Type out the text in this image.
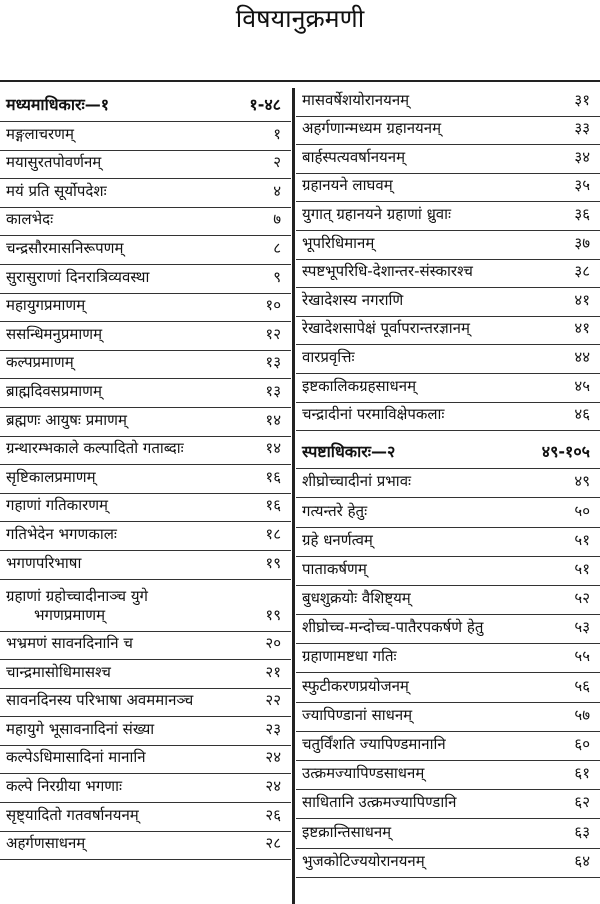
विषयानुक्रमणी
मध्यमाधिकारः—१	१-४८
मङ्गलाचरणम्	१
मयासुरतपोवर्णनम्	२
मयं प्रति सूर्योपदेशः	४
कालभेदः	७
चन्द्रसौरमासनिरूपणम्	८
सुरासुराणां दिनरात्रिव्यवस्था	९
महायुगप्रमाणम्	१०
ससन्धिमनुप्रमाणम्	१२
कल्पप्रमाणम्	१३
ब्राह्मदिवसप्रमाणम्	१३
ब्रह्मणः आयुषः प्रमाणम्	१४
ग्रन्थारम्भकाले कल्पादितो गताब्दाः	१४
सृष्टिकालप्रमाणम्	१६
गहाणां गतिकारणम्	१६
गतिभेदेन भगणकालः	१८
भगणपरिभाषा	१९
ग्रहाणां ग्रहोच्चादीनाञ्च युगे
भगणप्रमाणम्	१९
भभ्रमणं सावनदिनानि च	२०
चान्द्रमासोधिमासश्च	२१
सावनदिनस्य परिभाषा अवममानञ्च	२२
महायुगे भूसावनादिनां संख्या	२३
कल्पेऽधिमासादिनां मानानि	२४
कल्पे निरग्रीया भगणाः	२४
सृष्ट्यादितो गतवर्षानयनम्	२६
अहर्गणसाधनम्	२८
मासवर्षेशयोरानयनम्	३१
अहर्गणान्मध्यम ग्रहानयनम्	३३
बार्हस्पत्यवर्षानयनम्	३४
ग्रहानयने लाघवम्	३५
युगात् ग्रहानयने ग्रहाणां ध्रुवाः	३६
भूपरिधिमानम्	३७
स्पष्टभूपरिधि-देशान्तर-संस्कारश्च	३८
रेखादेशस्य नगराणि	४१
रेखादेशसापेक्षं पूर्वापरान्तरज्ञानम्	४१
वारप्रवृत्तिः	४४
इष्टकालिकग्रहसाधनम्	४५
चन्द्रादीनां परमाविक्षेपकलाः	४६
स्पष्टाधिकारः—२	४९-१०५
शीघ्रोच्चादीनां प्रभावः	४९
गत्यन्तरे हेतुः	५०
ग्रहे धनर्णत्वम्	५१
पाताकर्षणम्	५१
बुधशुक्रयोः वैशिष्ट्यम्	५२
शीघ्रोच्च-मन्दोच्च-पातैरपकर्षणे हेतु	५३
ग्रहाणामष्टधा गतिः	५५
स्फुटीकरणप्रयोजनम्	५६
ज्यापिण्डानां साधनम्	५७
चतुर्विंशति ज्यापिण्डमानानि	६०
उत्क्रमज्यापिण्डसाधनम्	६१
साधितानि उत्क्रमज्यापिण्डानि	६२
इष्टक्रान्तिसाधनम्	६३
भुजकोटिज्ययोरानयनम्	६४
